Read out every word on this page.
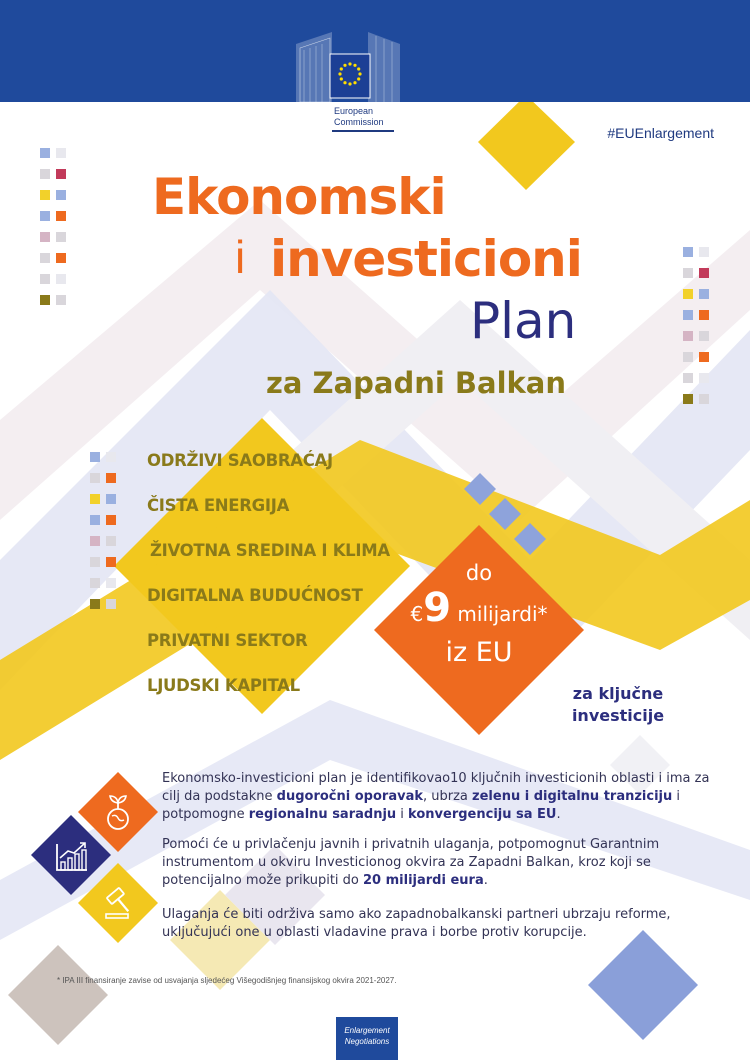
European
Commission
#EUEnlargement
Ekonomski
i investicioni
Plan
za Zapadni Balkan
ODRŽIVI SAOBRAĆAJ
ČISTA ENERGIJA
ŽIVOTNA SREDINA I KLIMA
DIGITALNA BUDUĆNOST
PRIVATNI SEKTOR
LJUDSKI KAPITAL
do
€9 milijardi*
iz EU
za ključne
investicije
Ekonomsko-investicioni plan je identifikovao10 ključnih investicionih oblasti i ima za cilj da podstakne dugoročni oporavak, ubrza zelenu i digitalnu tranziciju i potpomogne regionalnu saradnju i konvergenciju sa EU.
Pomoći će u privlačenju javnih i privatnih ulaganja, potpomognut Garantnim instrumentom u okviru Investicionog okvira za Zapadni Balkan, kroz koji se potencijalno može prikupiti do 20 milijardi eura.
Ulaganja će biti održiva samo ako zapadnobalkanski partneri ubrzaju reforme, uključujući one u oblasti vladavine prava i borbe protiv korupcije.
* IPA III finansiranje zavise od usvajanja sljedećeg Višegodišnjeg finansijskog okvira 2021-2027.
Enlargement
Negotiations
